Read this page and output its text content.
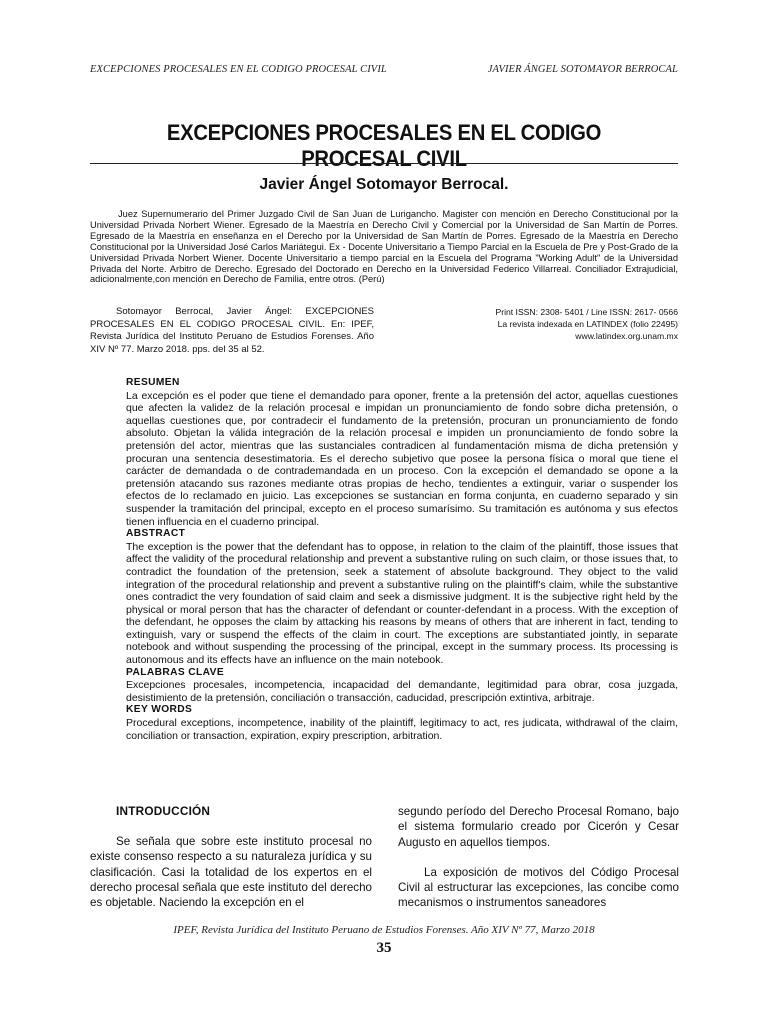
EXCEPCIONES PROCESALES EN EL CODIGO PROCESAL CIVIL	JAVIER ÁNGEL SOTOMAYOR BERROCAL
EXCEPCIONES PROCESALES EN EL CODIGO PROCESAL CIVIL
Javier Ángel Sotomayor Berrocal.
Juez Supernumerario del Primer Juzgado Civil de San Juan de Lurigancho. Magister con mención en Derecho Constitucional por la Universidad Privada Norbert Wiener. Egresado de la Maestría en Derecho Civil y Comercial por la Universidad de San Martín de Porres. Egresado de la Maestría en enseñanza en el Derecho por la Universidad de San Martín de Porres. Egresado de la Maestría en Derecho Constitucional por la Universidad José Carlos Mariátegui. Ex - Docente Universitario a Tiempo Parcial en la Escuela de Pre y Post-Grado de la Universidad Privada Norbert Wiener. Docente Universitario a tiempo parcial en la Escuela del Programa "Working Adult" de la Universidad Privada del Norte. Arbitro de Derecho. Egresado del Doctorado en Derecho en la Universidad Federico Villarreal. Conciliador Extrajudicial, adicionalmente,con mención en Derecho de Familia, entre otros. (Perú)
Sotomayor Berrocal, Javier Ángel: EXCEPCIONES PROCESALES EN EL CODIGO PROCESAL CIVIL. En: IPEF, Revista Jurídica del Instituto Peruano de Estudios Forenses. Año XIV Nº 77. Marzo 2018. pps. del 35 al 52.
Print ISSN: 2308- 5401 / Line ISSN: 2617- 0566
La revista indexada en LATINDEX (folio 22495)
www.latindex.org.unam.mx
RESUMEN

La excepción es el poder que tiene el demandado para oponer, frente a la pretensión del actor, aquellas cuestiones que afecten la validez de la relación procesal e impidan un pronunciamiento de fondo sobre dicha pretensión, o aquellas cuestiones que, por contradecir el fundamento de la pretensión, procuran un pronunciamiento de fondo absoluto. Objetan la válida integración de la relación procesal e impiden un pronunciamiento de fondo sobre la pretensión del actor, mientras que las sustanciales contradicen al fundamentación misma de dicha pretensión y procuran una sentencia desestimatoria. Es el derecho subjetivo que posee la persona física o moral que tiene el carácter de demandada o de contrademandada en un proceso. Con la excepción el demandado se opone a la pretensión atacando sus razones mediante otras propias de hecho, tendientes a extinguir, variar o suspender los efectos de lo reclamado en juicio. Las excepciones se sustancian en forma conjunta, en cuaderno separado y sin suspender la tramitación del principal, excepto en el proceso sumarísimo. Su tramitación es autónoma y sus efectos tienen influencia en el cuaderno principal.

ABSTRACT

The exception is the power that the defendant has to oppose, in relation to the claim of the plaintiff, those issues that affect the validity of the procedural relationship and prevent a substantive ruling on such claim, or those issues that, to contradict the foundation of the pretension, seek a statement of absolute background. They object to the valid integration of the procedural relationship and prevent a substantive ruling on the plaintiff's claim, while the substantive ones contradict the very foundation of said claim and seek a dismissive judgment. It is the subjective right held by the physical or moral person that has the character of defendant or counter-defendant in a process. With the exception of the defendant, he opposes the claim by attacking his reasons by means of others that are inherent in fact, tending to extinguish, vary or suspend the effects of the claim in court. The exceptions are substantiated jointly, in separate notebook and without suspending the processing of the principal, except in the summary process. Its processing is autonomous and its effects have an influence on the main notebook.

PALABRAS CLAVE

Excepciones procesales, incompetencia, incapacidad del demandante, legitimidad para obrar, cosa juzgada, desistimiento de la pretensión, conciliación o transacción, caducidad, prescripción extintiva, arbitraje.

KEY WORDS

Procedural exceptions, incompetence, inability of the plaintiff, legitimacy to act, res judicata, withdrawal of the claim, conciliation or transaction, expiration, expiry prescription, arbitration.

INTRODUCCIÓN

Se señala que sobre este instituto procesal no existe consenso respecto a su naturaleza jurídica y su clasificación. Casi la totalidad de los expertos en el derecho procesal señala que este instituto del derecho es objetable. Naciendo la excepción en el

segundo período del Derecho Procesal Romano, bajo el sistema formulario creado por Cicerón y Cesar Augusto en aquellos tiempos.

La exposición de motivos del Código Procesal Civil al estructurar las excepciones, las concibe como mecanismos o instrumentos saneadores

IPEF, Revista Jurídica del Instituto Peruano de Estudios Forenses. Año XIV Nº 77, Marzo 2018
35
